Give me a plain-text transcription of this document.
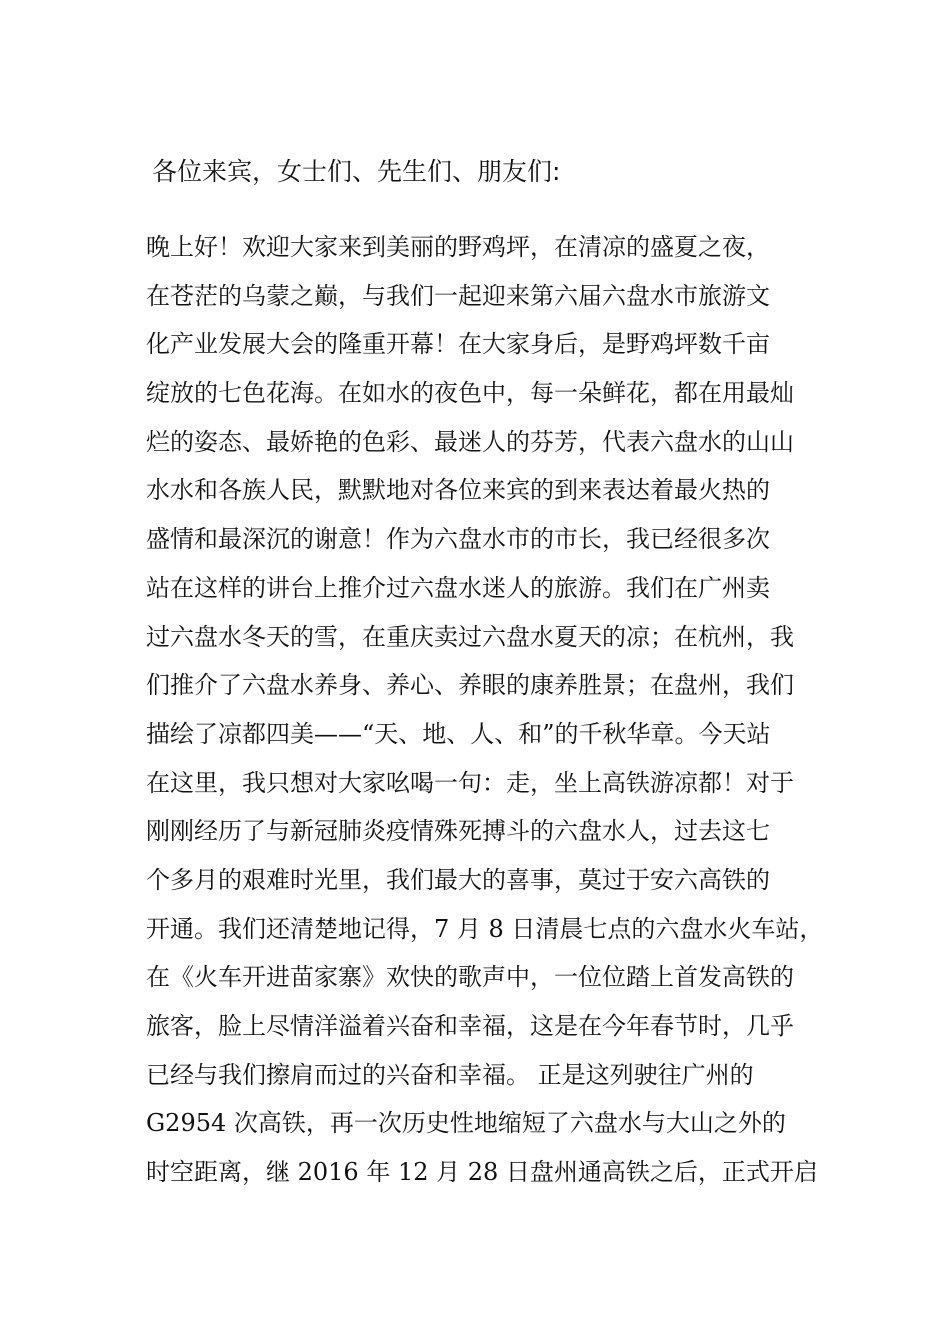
各位来宾，女士们、先生们、朋友们:

晚上好！欢迎大家来到美丽的野鸡坪，在清凉的盛夏之夜，
在苍茫的乌蒙之巅，与我们一起迎来第六届六盘水市旅游文
化产业发展大会的隆重开幕！在大家身后，是野鸡坪数千亩
绽放的七色花海。在如水的夜色中，每一朵鲜花，都在用最灿
烂的姿态、最娇艳的色彩、最迷人的芬芳，代表六盘水的山山
水水和各族人民，默默地对各位来宾的到来表达着最火热的
盛情和最深沉的谢意！作为六盘水市的市长，我已经很多次
站在这样的讲台上推介过六盘水迷人的旅游。我们在广州卖
过六盘水冬天的雪，在重庆卖过六盘水夏天的凉；在杭州，我
们推介了六盘水养身、养心、养眼的康养胜景；在盘州，我们
描绘了凉都四美——“天、地、人、和”的千秋华章。今天站
在这里，我只想对大家吆喝一句：走，坐上高铁游凉都！对于
刚刚经历了与新冠肺炎疫情殊死搏斗的六盘水人，过去这七
个多月的艰难时光里，我们最大的喜事，莫过于安六高铁的
开通。我们还清楚地记得，7 月 8 日清晨七点的六盘水火车站，
在《火车开进苗家寨》欢快的歌声中，一位位踏上首发高铁的
旅客，脸上尽情洋溢着兴奋和幸福，这是在今年春节时，几乎
已经与我们擦肩而过的兴奋和幸福。 正是这列驶往广州的
G2954 次高铁，再一次历史性地缩短了六盘水与大山之外的
时空距离，继 2016 年 12 月 28 日盘州通高铁之后，正式开启
